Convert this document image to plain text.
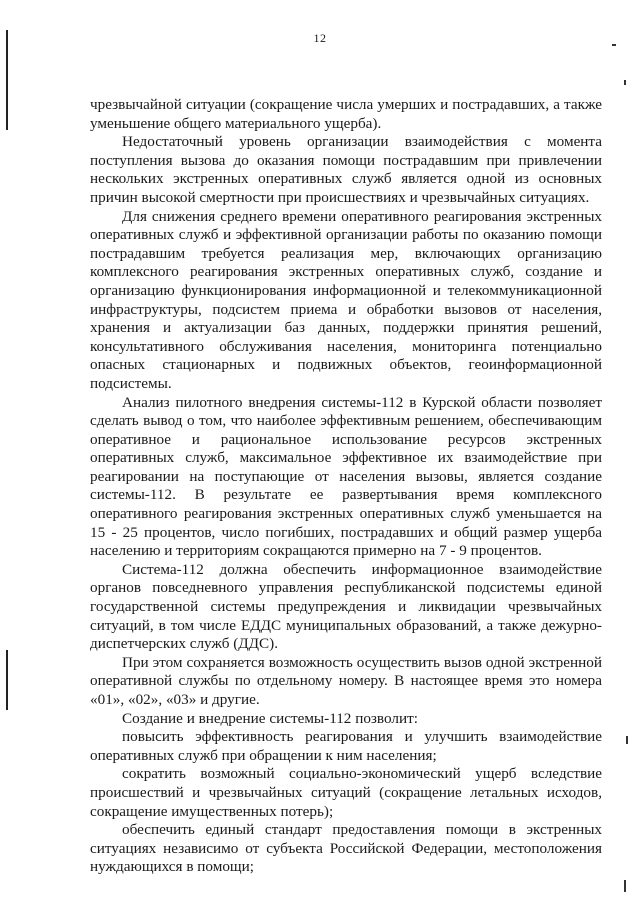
12

чрезвычайной ситуации (сокращение числа умерших и пострадавших, а также уменьшение общего материального ущерба).

Недостаточный уровень организации взаимодействия с момента поступления вызова до оказания помощи пострадавшим при привлечении нескольких экстренных оперативных служб является одной из основных причин высокой смертности при происшествиях и чрезвычайных ситуациях.

Для снижения среднего времени оперативного реагирования экстренных оперативных служб и эффективной организации работы по оказанию помощи пострадавшим требуется реализация мер, включающих организацию комплексного реагирования экстренных оперативных служб, создание и организацию функционирования информационной и телекоммуникационной инфраструктуры, подсистем приема и обработки вызовов от населения, хранения и актуализации баз данных, поддержки принятия решений, консультативного обслуживания населения, мониторинга потенциально опасных стационарных и подвижных объектов, геоинформационной подсистемы.

Анализ пилотного внедрения системы-112 в Курской области позволяет сделать вывод о том, что наиболее эффективным решением, обеспечивающим оперативное и рациональное использование ресурсов экстренных оперативных служб, максимальное эффективное их взаимодействие при реагировании на поступающие от населения вызовы, является создание системы-112. В результате ее развертывания время комплексного оперативного реагирования экстренных оперативных служб уменьшается на 15 - 25 процентов, число погибших, пострадавших и общий размер ущерба населению и территориям сокращаются примерно на 7 - 9 процентов.

Система-112 должна обеспечить информационное взаимодействие органов повседневного управления республиканской подсистемы единой государственной системы предупреждения и ликвидации чрезвычайных ситуаций, в том числе ЕДДС муниципальных образований, а также дежурно-диспетчерских служб (ДДС).

При этом сохраняется возможность осуществить вызов одной экстренной оперативной службы по отдельному номеру. В настоящее время это номера «01», «02», «03» и другие.

Создание и внедрение системы-112 позволит:

повысить эффективность реагирования и улучшить взаимодействие оперативных служб при обращении к ним населения;

сократить возможный социально-экономический ущерб вследствие происшествий и чрезвычайных ситуаций (сокращение летальных исходов, сокращение имущественных потерь);

обеспечить единый стандарт предоставления помощи в экстренных ситуациях независимо от субъекта Российской Федерации, местоположения нуждающихся в помощи;
